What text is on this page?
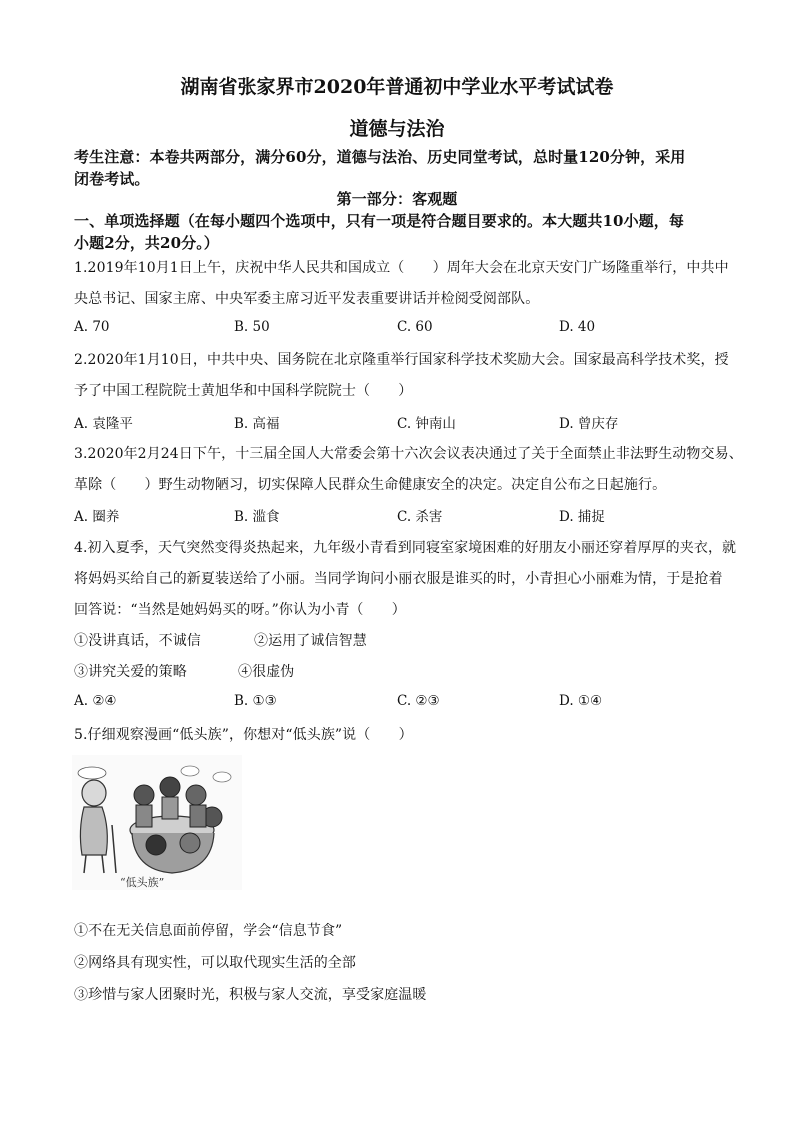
湖南省张家界市2020年普通初中学业水平考试试卷
道德与法治
考生注意：本卷共两部分，满分60分，道德与法治、历史同堂考试，总时量120分钟，采用
闭卷考试。
第一部分：客观题
一、单项选择题（在每小题四个选项中，只有一项是符合题目要求的。本大题共10小题，每
小题2分，共20分。）
1.2019年10月1日上午，庆祝中华人民共和国成立（　　）周年大会在北京天安门广场隆重举行，中共中
央总书记、国家主席、中央军委主席习近平发表重要讲话并检阅受阅部队。
A. 70	B. 50	C. 60	D. 40
2.2020年1月10日，中共中央、国务院在北京隆重举行国家科学技术奖励大会。国家最高科学技术奖，授
予了中国工程院院士黄旭华和中国科学院院士（　　）
A. 袁隆平	B. 高福	C. 钟南山	D. 曾庆存
3.2020年2月24日下午，十三届全国人大常委会第十六次会议表决通过了关于全面禁止非法野生动物交易、
革除（　　）野生动物陋习，切实保障人民群众生命健康安全的决定。决定自公布之日起施行。
A. 圈养	B. 滥食	C. 杀害	D. 捕捉
4.初入夏季，天气突然变得炎热起来，九年级小青看到同寝室家境困难的好朋友小丽还穿着厚厚的夹衣，就
将妈妈买给自己的新夏装送给了小丽。当同学询问小丽衣服是谁买的时，小青担心小丽难为情，于是抢着
回答说：“当然是她妈妈买的呀。”你认为小青（　　）
①没讲真话，不诚信	②运用了诚信智慧
③讲究关爱的策略	④很虚伪
A. ②④	B. ①③	C. ②③	D. ①④
5.仔细观察漫画“低头族”，你想对“低头族”说（　　）
“低头族”
①不在无关信息面前停留，学会“信息节食”
②网络具有现实性，可以取代现实生活的全部
③珍惜与家人团聚时光，积极与家人交流，享受家庭温暖
